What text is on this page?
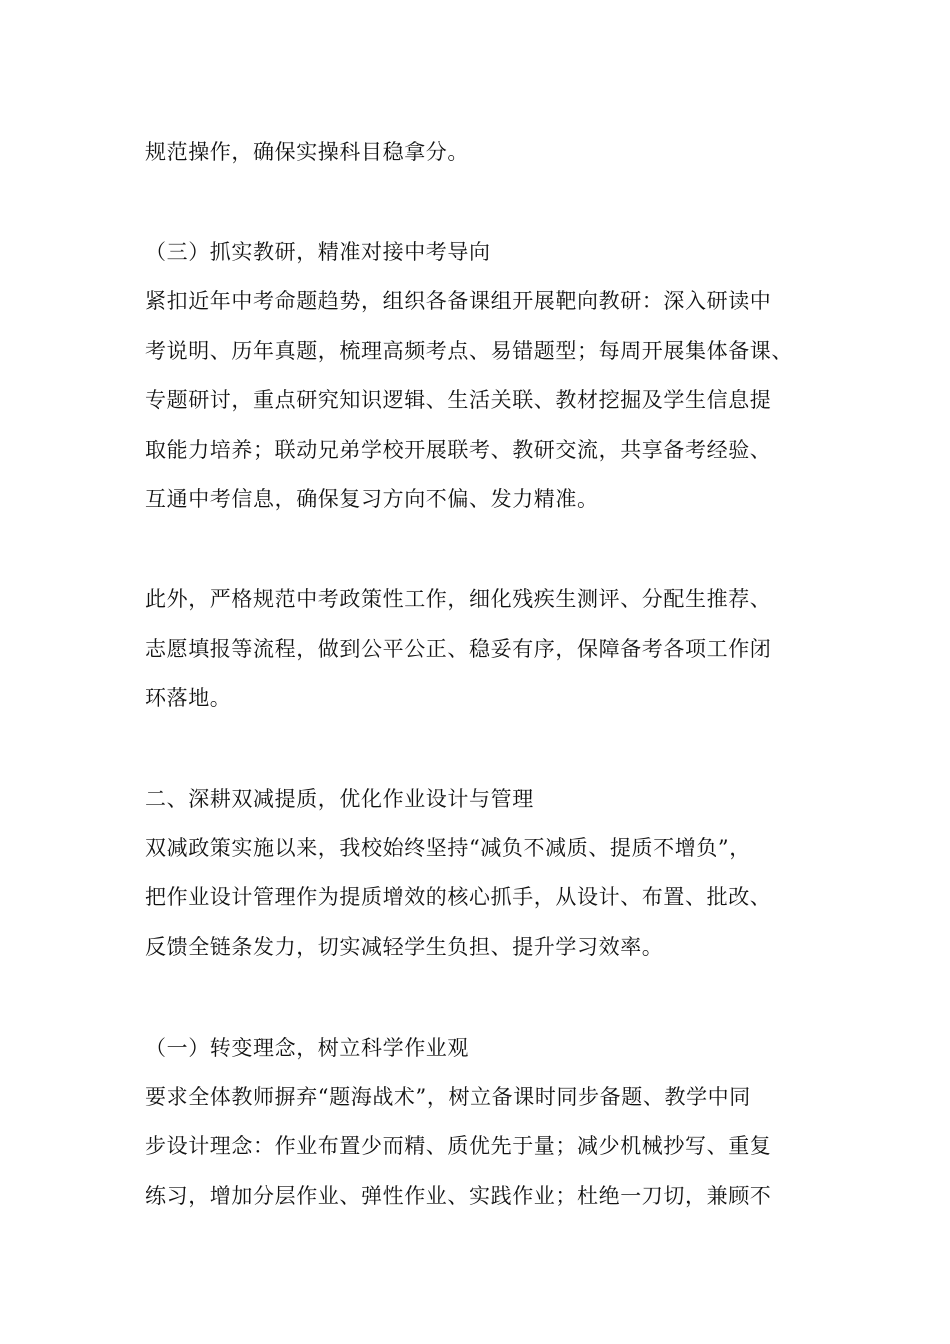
规范操作，确保实操科目稳拿分。
（三）抓实教研，精准对接中考导向
紧扣近年中考命题趋势，组织各备课组开展靶向教研：深入研读中
考说明、历年真题，梳理高频考点、易错题型；每周开展集体备课、
专题研讨，重点研究知识逻辑、生活关联、教材挖掘及学生信息提
取能力培养；联动兄弟学校开展联考、教研交流，共享备考经验、
互通中考信息，确保复习方向不偏、发力精准。
此外，严格规范中考政策性工作，细化残疾生测评、分配生推荐、
志愿填报等流程，做到公平公正、稳妥有序，保障备考各项工作闭
环落地。
二、深耕双减提质，优化作业设计与管理
双减政策实施以来，我校始终坚持“减负不减质、提质不增负”，
把作业设计管理作为提质增效的核心抓手，从设计、布置、批改、
反馈全链条发力，切实减轻学生负担、提升学习效率。
（一）转变理念，树立科学作业观
要求全体教师摒弃“题海战术”，树立备课时同步备题、教学中同
步设计理念：作业布置少而精、质优先于量；减少机械抄写、重复
练习，增加分层作业、弹性作业、实践作业；杜绝一刀切，兼顾不
